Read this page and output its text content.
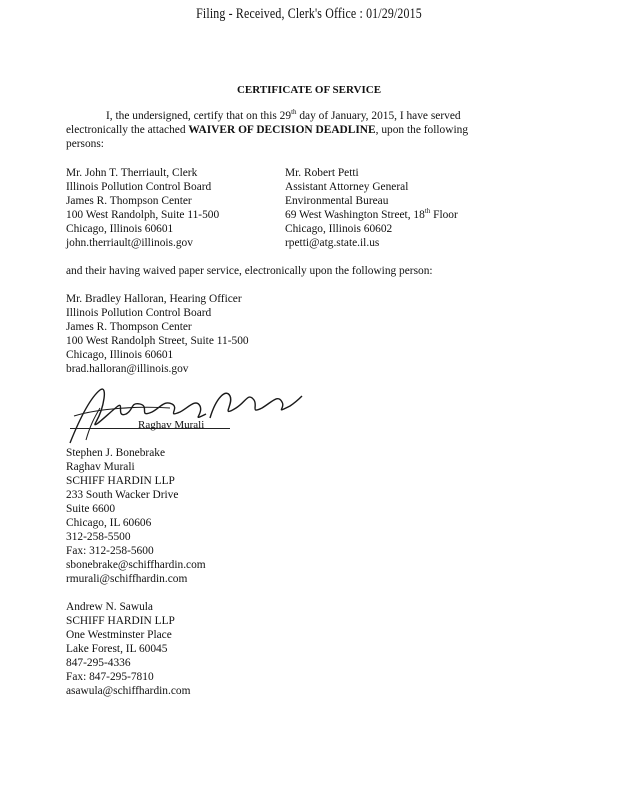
Filing - Received, Clerk's Office : 01/29/2015
CERTIFICATE OF SERVICE
I, the undersigned, certify that on this 29th day of January, 2015, I have served electronically the attached WAIVER OF DECISION DEADLINE, upon the following persons:
Mr. John T. Therriault, Clerk
Illinois Pollution Control Board
James R. Thompson Center
100 West Randolph, Suite 11-500
Chicago, Illinois 60601
john.therriault@illinois.gov
Mr. Robert Petti
Assistant Attorney General
Environmental Bureau
69 West Washington Street, 18th Floor
Chicago, Illinois 60602
rpetti@atg.state.il.us
and their having waived paper service, electronically upon the following person:
Mr. Bradley Halloran, Hearing Officer
Illinois Pollution Control Board
James R. Thompson Center
100 West Randolph Street, Suite 11-500
Chicago, Illinois 60601
brad.halloran@illinois.gov
Raghav Murali
Stephen J. Bonebrake
Raghav Murali
SCHIFF HARDIN LLP
233 South Wacker Drive
Suite 6600
Chicago, IL 60606
312-258-5500
Fax: 312-258-5600
sbonebrake@schiffhardin.com
rmurali@schiffhardin.com
Andrew N. Sawula
SCHIFF HARDIN LLP
One Westminster Place
Lake Forest, IL 60045
847-295-4336
Fax: 847-295-7810
asawula@schiffhardin.com
